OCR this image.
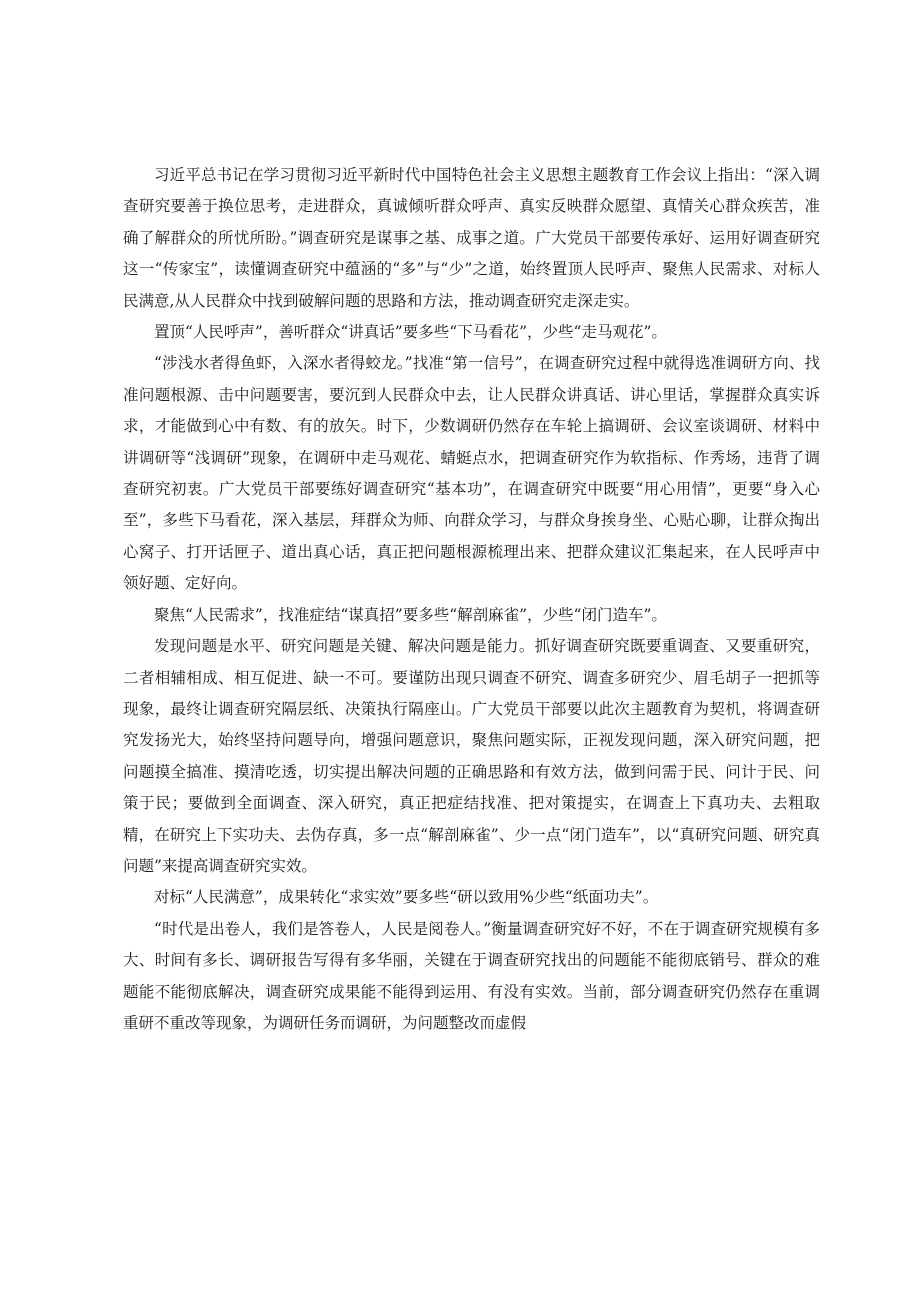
习近平总书记在学习贯彻习近平新时代中国特色社会主义思想主题教育工作会议上指出：“深入调查研究要善于换位思考，走进群众，真诚倾听群众呼声、真实反映群众愿望、真情关心群众疾苦，准确了解群众的所忧所盼。”调查研究是谋事之基、成事之道。广大党员干部要传承好、运用好调查研究这一“传家宝”，读懂调查研究中蕴涵的“多”与“少”之道，始终置顶人民呼声、聚焦人民需求、对标人民满意,从人民群众中找到破解问题的思路和方法，推动调查研究走深走实。

置顶“人民呼声”，善听群众“讲真话”要多些“下马看花”，少些“走马观花”。

“涉浅水者得鱼虾，入深水者得蛟龙。”找准“第一信号”，在调查研究过程中就得选准调研方向、找准问题根源、击中问题要害，要沉到人民群众中去，让人民群众讲真话、讲心里话，掌握群众真实诉求，才能做到心中有数、有的放矢。时下，少数调研仍然存在车轮上搞调研、会议室谈调研、材料中讲调研等“浅调研”现象，在调研中走马观花、蜻蜓点水，把调查研究作为软指标、作秀场，违背了调查研究初衷。广大党员干部要练好调查研究“基本功”，在调查研究中既要“用心用情”，更要“身入心至”，多些下马看花，深入基层，拜群众为师、向群众学习，与群众身挨身坐、心贴心聊，让群众掏出心窝子、打开话匣子、道出真心话，真正把问题根源梳理出来、把群众建议汇集起来，在人民呼声中领好题、定好向。

聚焦“人民需求”，找准症结“谋真招”要多些“解剖麻雀”，少些“闭门造车”。

发现问题是水平、研究问题是关键、解决问题是能力。抓好调查研究既要重调查、又要重研究，二者相辅相成、相互促进、缺一不可。要谨防出现只调查不研究、调查多研究少、眉毛胡子一把抓等现象，最终让调查研究隔层纸、决策执行隔座山。广大党员干部要以此次主题教育为契机，将调查研究发扬光大，始终坚持问题导向，增强问题意识，聚焦问题实际，正视发现问题，深入研究问题，把问题摸全搞准、摸清吃透，切实提出解决问题的正确思路和有效方法，做到问需于民、问计于民、问策于民；要做到全面调查、深入研究，真正把症结找准、把对策提实，在调查上下真功夫、去粗取精，在研究上下实功夫、去伪存真，多一点“解剖麻雀”、少一点“闭门造车”，以“真研究问题、研究真问题”来提高调查研究实效。

对标“人民满意”，成果转化“求实效”要多些“研以致用%少些“纸面功夫”。

“时代是出卷人，我们是答卷人，人民是阅卷人。”衡量调查研究好不好，不在于调查研究规模有多大、时间有多长、调研报告写得有多华丽，关键在于调查研究找出的问题能不能彻底销号、群众的难题能不能彻底解决，调查研究成果能不能得到运用、有没有实效。当前，部分调查研究仍然存在重调重研不重改等现象，为调研任务而调研，为问题整改而虚假
